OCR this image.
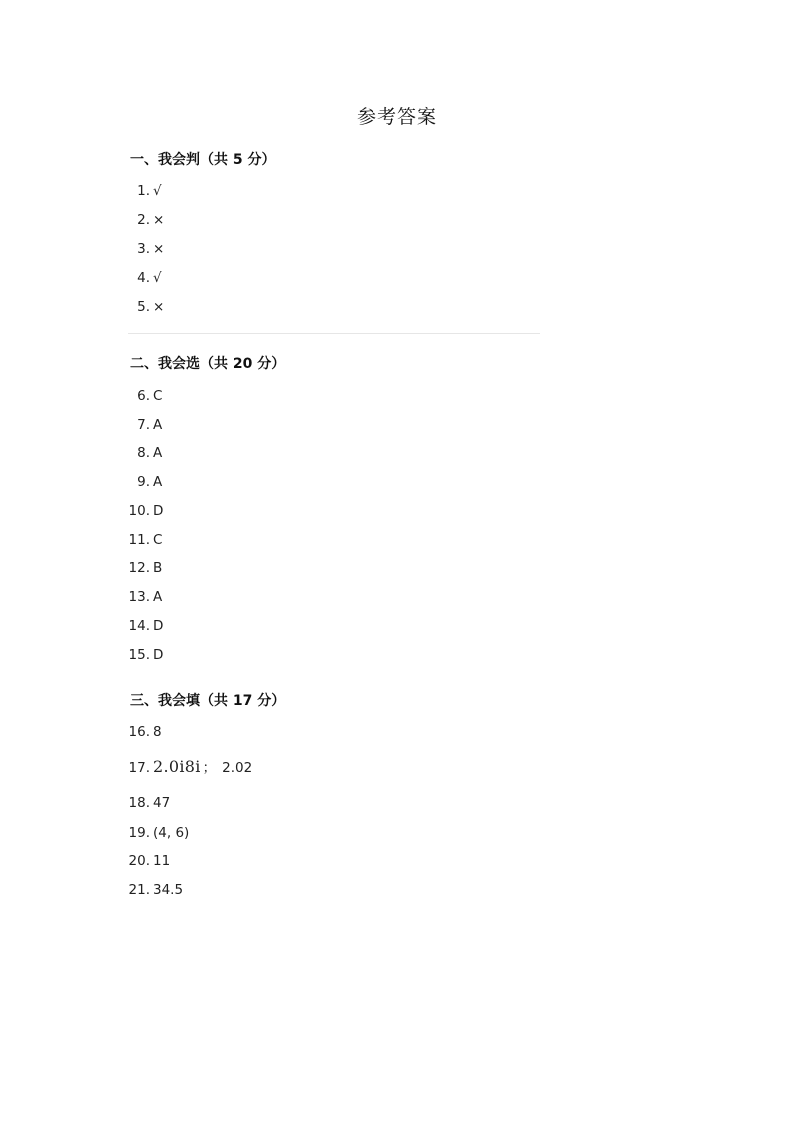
参考答案
一、我会判（共 5 分）
1. √
2. ×
3. ×
4. √
5. ×
二、我会选（共 20 分）
6. C
7. A
8. A
9. A
10. D
11. C
12. B
13. A
14. D
15. D
三、我会填（共 17 分）
16. 8
17. 2.0i8i ； 2.02
18. 47
19. (4, 6)
20. 11
21. 34.5
